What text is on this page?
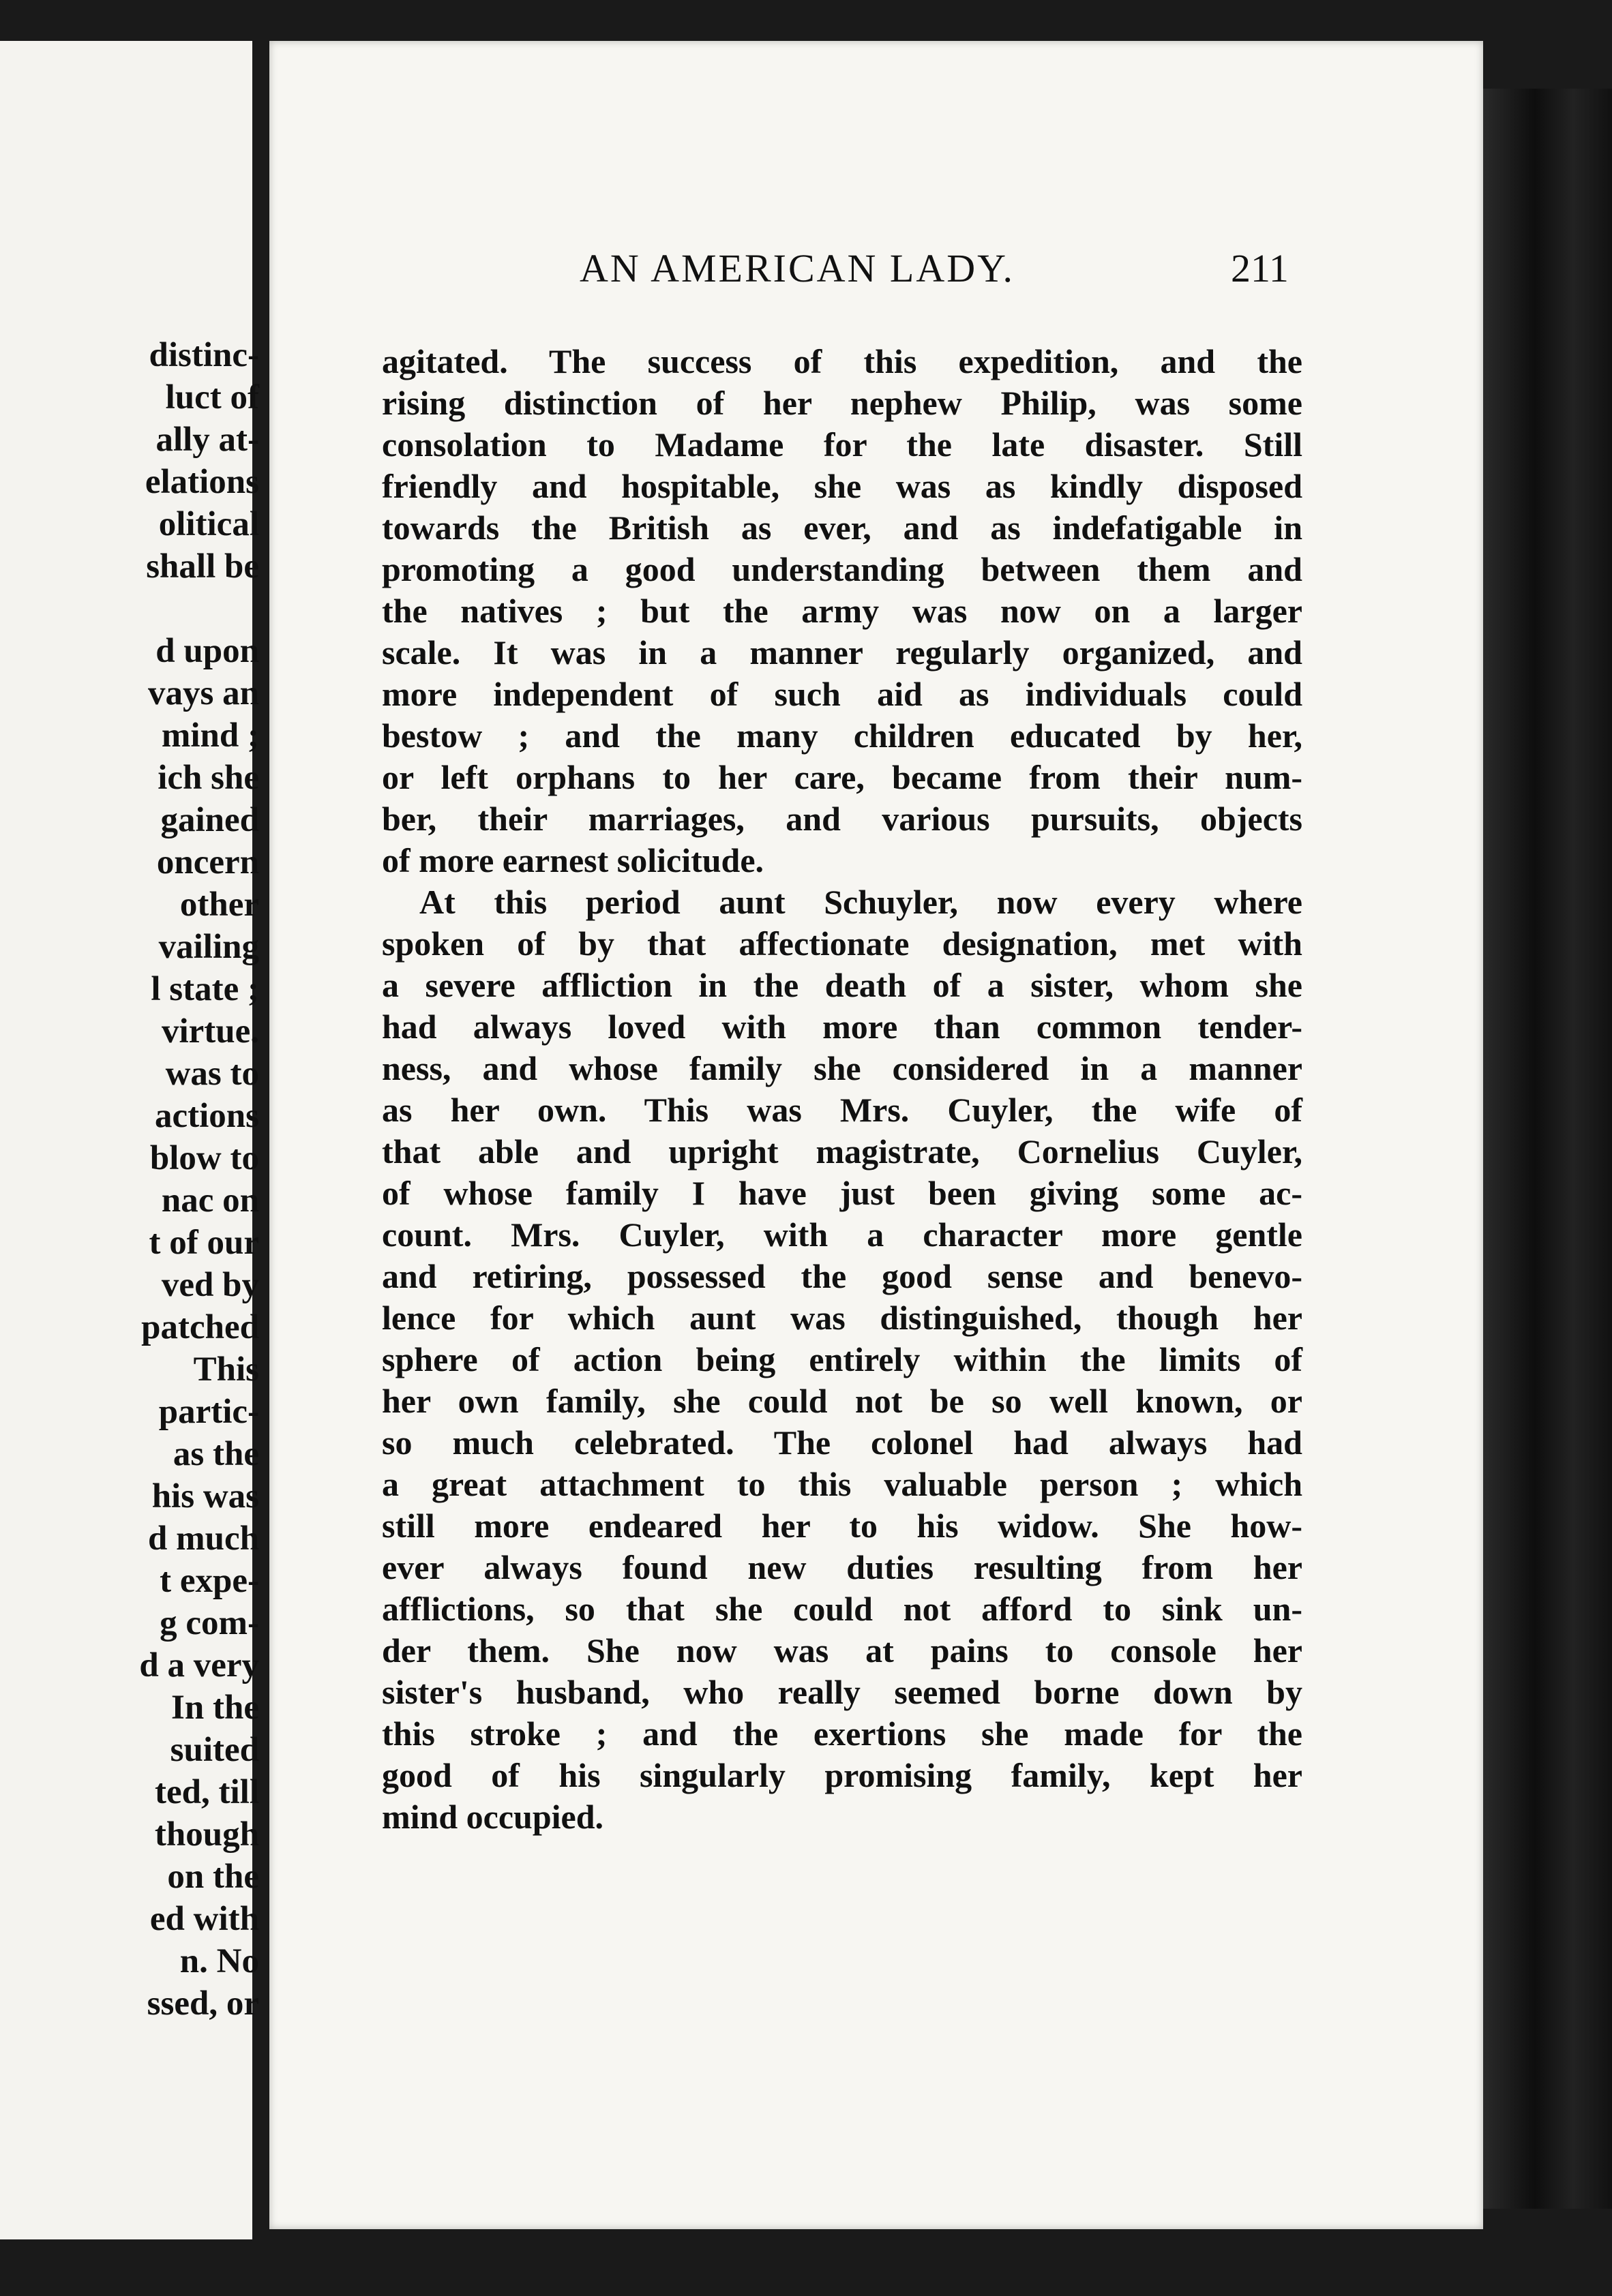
distinc-
luct of
ally at-
elations
olitical
shall be

d upon
vays an
mind ;
ich she
gained
oncern
other
vailing
l state ;
virtue.
was to
actions
blow to
nac on
t of our
ved by
patched
This
partic-
as the
his was
d much
t expe-
g com-
d a very
In the
suited
ted, till
though
on the
ed with
n. No
ssed, or
AN AMERICAN LADY.	211
agitated. The success of this expedition, and the
rising distinction of her nephew Philip, was some
consolation to Madame for the late disaster. Still
friendly and hospitable, she was as kindly disposed
towards the British as ever, and as indefatigable in
promoting a good understanding between them and
the natives ; but the army was now on a larger
scale. It was in a manner regularly organized, and
more independent of such aid as individuals could
bestow ; and the many children educated by her,
or left orphans to her care, became from their num-
ber, their marriages, and various pursuits, objects
of more earnest solicitude.
At this period aunt Schuyler, now every where
spoken of by that affectionate designation, met with
a severe affliction in the death of a sister, whom she
had always loved with more than common tender-
ness, and whose family she considered in a manner
as her own. This was Mrs. Cuyler, the wife of
that able and upright magistrate, Cornelius Cuyler,
of whose family I have just been giving some ac-
count. Mrs. Cuyler, with a character more gentle
and retiring, possessed the good sense and benevo-
lence for which aunt was distinguished, though her
sphere of action being entirely within the limits of
her own family, she could not be so well known, or
so much celebrated. The colonel had always had
a great attachment to this valuable person ; which
still more endeared her to his widow. She how-
ever always found new duties resulting from her
afflictions, so that she could not afford to sink un-
der them. She now was at pains to console her
sister's husband, who really seemed borne down by
this stroke ; and the exertions she made for the
good of his singularly promising family, kept her
mind occupied.
